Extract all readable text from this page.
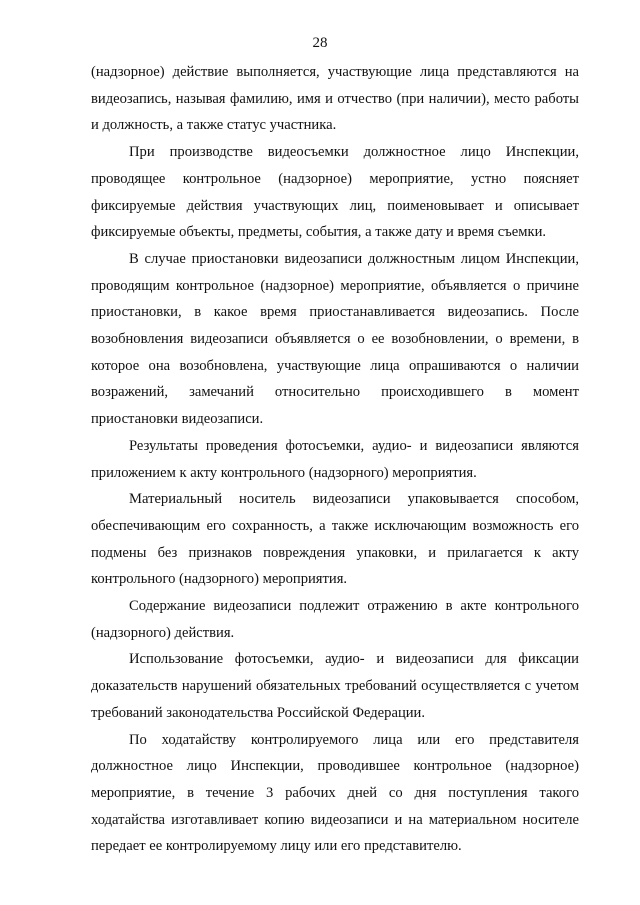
28

(надзорное) действие выполняется, участвующие лица представляются на видеозапись, называя фамилию, имя и отчество (при наличии), место работы и должность, а также статус участника.

При производстве видеосъемки должностное лицо Инспекции, проводящее контрольное (надзорное) мероприятие, устно поясняет фиксируемые действия участвующих лиц, поименовывает и описывает фиксируемые объекты, предметы, события, а также дату и время съемки.

В случае приостановки видеозаписи должностным лицом Инспекции, проводящим контрольное (надзорное) мероприятие, объявляется о причине приостановки, в какое время приостанавливается видеозапись. После возобновления видеозаписи объявляется о ее возобновлении, о времени, в которое она возобновлена, участвующие лица опрашиваются о наличии возражений, замечаний относительно происходившего в момент приостановки видеозаписи.

Результаты проведения фотосъемки, аудио- и видеозаписи являются приложением к акту контрольного (надзорного) мероприятия.

Материальный носитель видеозаписи упаковывается способом, обеспечивающим его сохранность, а также исключающим возможность его подмены без признаков повреждения упаковки, и прилагается к акту контрольного (надзорного) мероприятия.

Содержание видеозаписи подлежит отражению в акте контрольного (надзорного) действия.

Использование фотосъемки, аудио- и видеозаписи для фиксации доказательств нарушений обязательных требований осуществляется с учетом требований законодательства Российской Федерации.

По ходатайству контролируемого лица или его представителя должностное лицо Инспекции, проводившее контрольное (надзорное) мероприятие, в течение 3 рабочих дней со дня поступления такого ходатайства изготавливает копию видеозаписи и на материальном носителе передает ее контролируемому лицу или его представителю.
